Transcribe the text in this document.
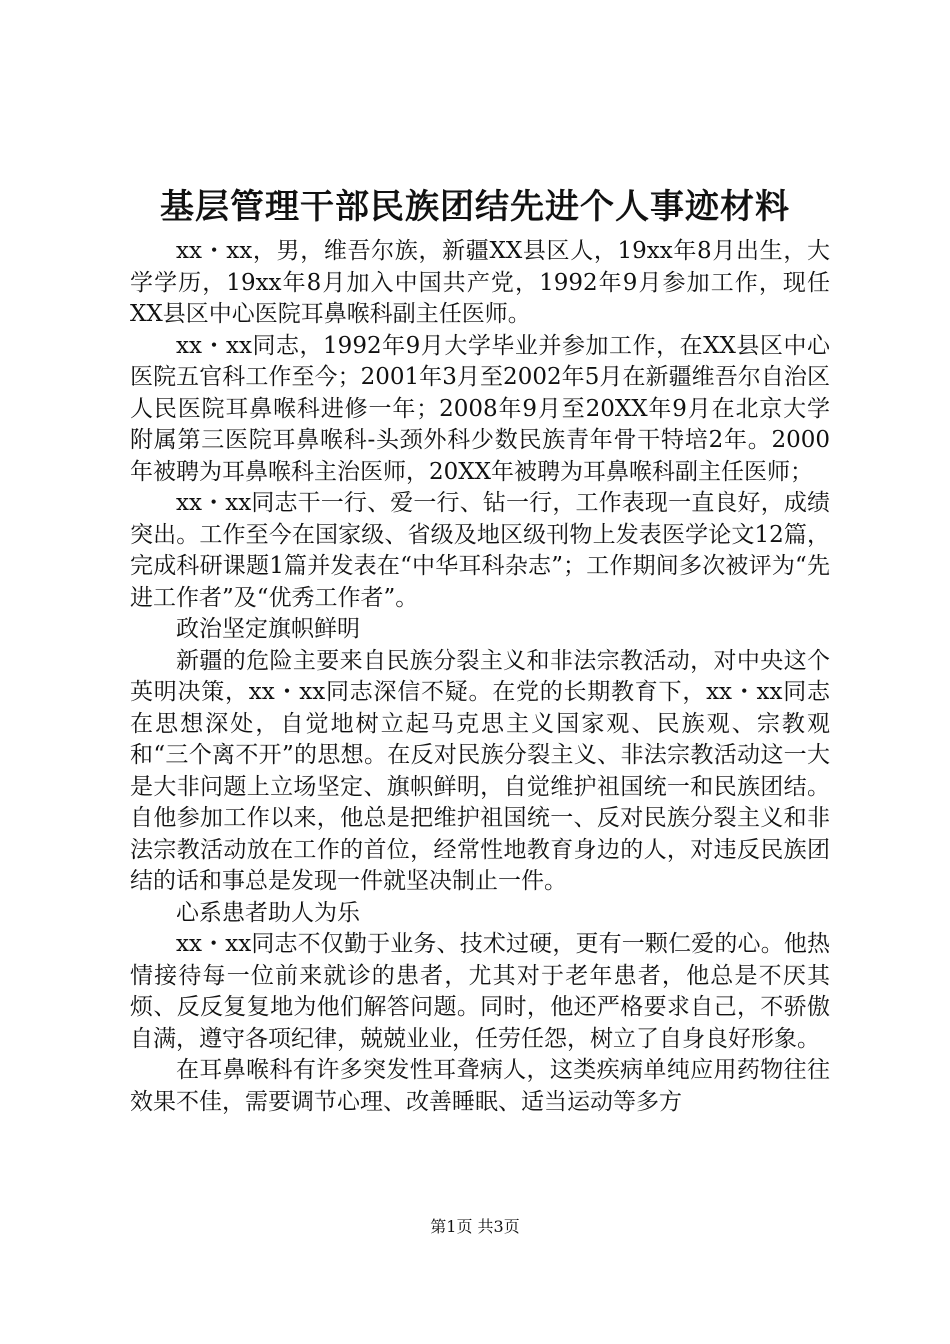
基层管理干部民族团结先进个人事迹材料

xx・xx，男，维吾尔族，新疆XX县区人，19xx年8月出生，大学学历，19xx年8月加入中国共产党，1992年9月参加工作，现任XX县区中心医院耳鼻喉科副主任医师。

xx・xx同志，1992年9月大学毕业并参加工作，在XX县区中心医院五官科工作至今；2001年3月至2002年5月在新疆维吾尔自治区人民医院耳鼻喉科进修一年；2008年9月至20XX年9月在北京大学附属第三医院耳鼻喉科-头颈外科少数民族青年骨干特培2年。2000年被聘为耳鼻喉科主治医师，20XX年被聘为耳鼻喉科副主任医师；

xx・xx同志干一行、爱一行、钻一行，工作表现一直良好，成绩突出。工作至今在国家级、省级及地区级刊物上发表医学论文12篇，完成科研课题1篇并发表在“中华耳科杂志”；工作期间多次被评为“先进工作者”及“优秀工作者”。

政治坚定旗帜鲜明

新疆的危险主要来自民族分裂主义和非法宗教活动，对中央这个英明决策，xx・xx同志深信不疑。在党的长期教育下，xx・xx同志在思想深处，自觉地树立起马克思主义国家观、民族观、宗教观和“三个离不开”的思想。在反对民族分裂主义、非法宗教活动这一大是大非问题上立场坚定、旗帜鲜明，自觉维护祖国统一和民族团结。自他参加工作以来，他总是把维护祖国统一、反对民族分裂主义和非法宗教活动放在工作的首位，经常性地教育身边的人，对违反民族团结的话和事总是发现一件就坚决制止一件。

心系患者助人为乐

xx・xx同志不仅勤于业务、技术过硬，更有一颗仁爱的心。他热情接待每一位前来就诊的患者，尤其对于老年患者，他总是不厌其烦、反反复复地为他们解答问题。同时，他还严格要求自己，不骄傲自满，遵守各项纪律，兢兢业业，任劳任怨，树立了自身良好形象。

在耳鼻喉科有许多突发性耳聋病人，这类疾病单纯应用药物往往效果不佳，需要调节心理、改善睡眠、适当运动等多方

第1页 共3页
